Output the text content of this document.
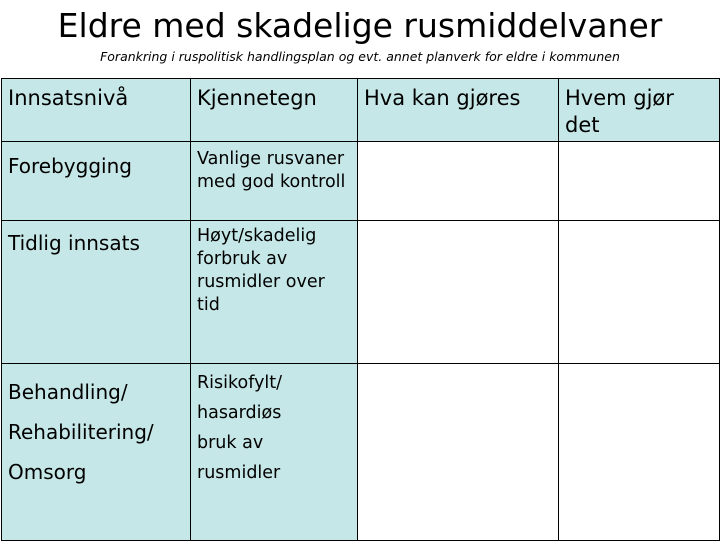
Eldre med skadelige rusmiddelvaner
Forankring i ruspolitisk handlingsplan og evt. annet planverk for eldre i kommunen
Innsatsnivå	Kjennetegn	Hva kan gjøres	Hvem gjør det

Forebygging	Vanlige rusvaner
med god kontroll		

Tidlig innsats	Høyt/skadelig
forbruk av
rusmidler over
tid		

Behandling/
Rehabilitering/
Omsorg	Risikofylt/
hasardiøs
bruk av
rusmidler		
